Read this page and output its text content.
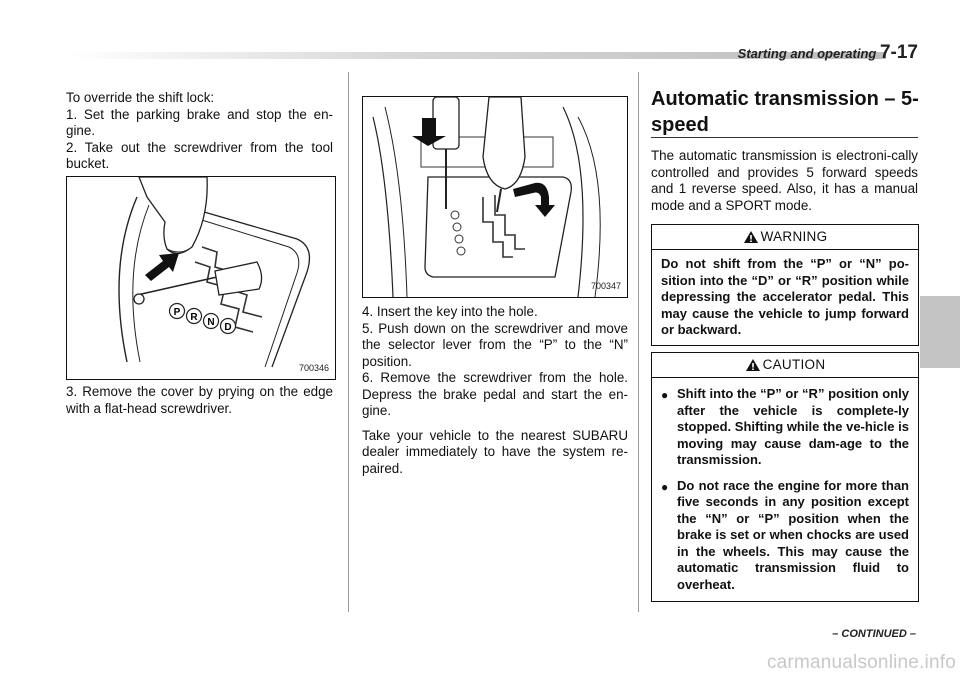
Starting and operating 7-17

To override the shift lock:

1. Set the parking brake and stop the en-gine.

2. Take out the screwdriver from the tool bucket.

P R N D
700346

3. Remove the cover by prying on the edge with a flat-head screwdriver.

700347

4. Insert the key into the hole.

5. Push down on the screwdriver and move the selector lever from the “P” to the “N” position.

6. Remove the screwdriver from the hole. Depress the brake pedal and start the en-gine.

Take your vehicle to the nearest SUBARU dealer immediately to have the system re-paired.

Automatic transmission – 5-speed

The automatic transmission is electroni-cally controlled and provides 5 forward speeds and 1 reverse speed. Also, it has a manual mode and a SPORT mode.

WARNING
Do not shift from the “P” or “N” po-sition into the “D” or “R” position while depressing the accelerator pedal. This may cause the vehicle to jump forward or backward.
CAUTION
● Shift into the “P” or “R” position only after the vehicle is complete-ly stopped. Shifting while the ve-hicle is moving may cause dam-age to the transmission.
● Do not race the engine for more than five seconds in any position except the “N” or “P” position when the brake is set or when chocks are used in the wheels. This may cause the automatic transmission fluid to overheat.
– CONTINUED –
carmanualsonline.info
